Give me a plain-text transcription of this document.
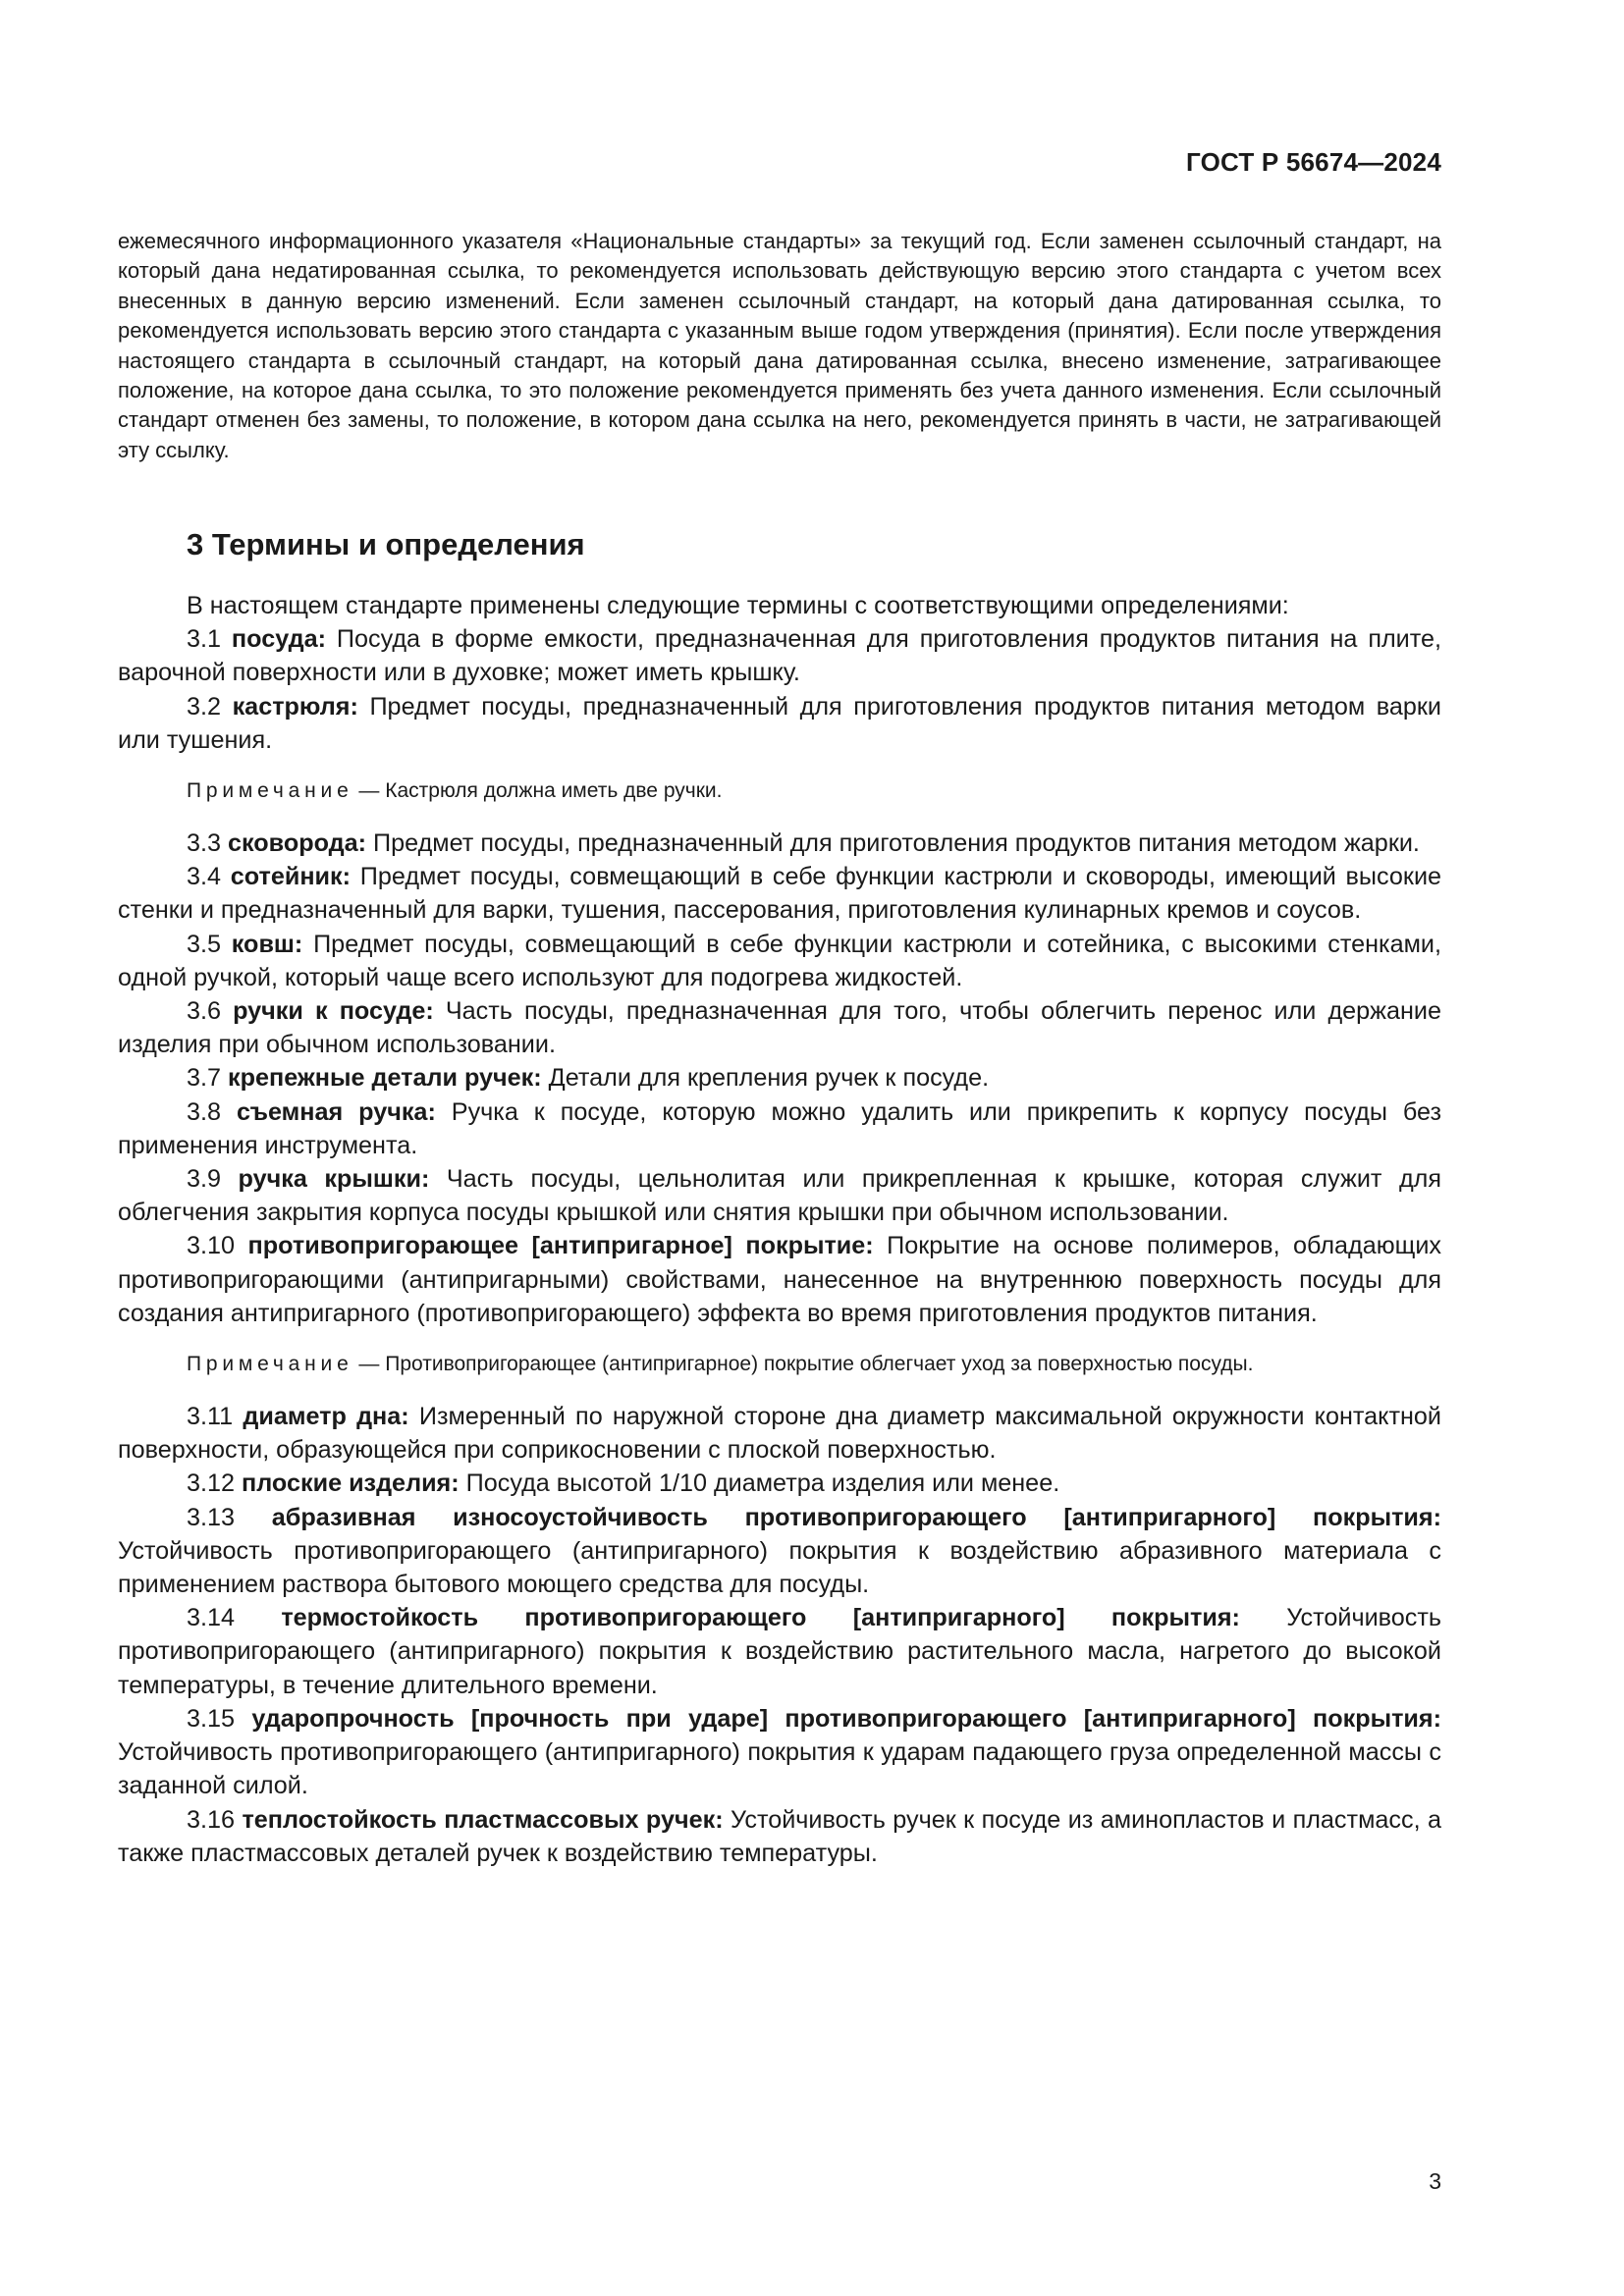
ГОСТ Р 56674—2024
ежемесячного информационного указателя «Национальные стандарты» за текущий год. Если заменен ссылочный стандарт, на который дана недатированная ссылка, то рекомендуется использовать действующую версию этого стандарта с учетом всех внесенных в данную версию изменений. Если заменен ссылочный стандарт, на который дана датированная ссылка, то рекомендуется использовать версию этого стандарта с указанным выше годом утверждения (принятия). Если после утверждения настоящего стандарта в ссылочный стандарт, на который дана датированная ссылка, внесено изменение, затрагивающее положение, на которое дана ссылка, то это положение рекомендуется применять без учета данного изменения. Если ссылочный стандарт отменен без замены, то положение, в котором дана ссылка на него, рекомендуется принять в части, не затрагивающей эту ссылку.
3 Термины и определения

В настоящем стандарте применены следующие термины с соответствующими определениями:

3.1 посуда: Посуда в форме емкости, предназначенная для приготовления продуктов питания на плите, варочной поверхности или в духовке; может иметь крышку.

3.2 кастрюля: Предмет посуды, предназначенный для приготовления продуктов питания методом варки или тушения.

Примечание — Кастрюля должна иметь две ручки.

3.3 сковорода: Предмет посуды, предназначенный для приготовления продуктов питания методом жарки.

3.4 сотейник: Предмет посуды, совмещающий в себе функции кастрюли и сковороды, имеющий высокие стенки и предназначенный для варки, тушения, пассерования, приготовления кулинарных кремов и соусов.

3.5 ковш: Предмет посуды, совмещающий в себе функции кастрюли и сотейника, с высокими стенками, одной ручкой, который чаще всего используют для подогрева жидкостей.

3.6 ручки к посуде: Часть посуды, предназначенная для того, чтобы облегчить перенос или держание изделия при обычном использовании.

3.7 крепежные детали ручек: Детали для крепления ручек к посуде.

3.8 съемная ручка: Ручка к посуде, которую можно удалить или прикрепить к корпусу посуды без применения инструмента.

3.9 ручка крышки: Часть посуды, цельнолитая или прикрепленная к крышке, которая служит для облегчения закрытия корпуса посуды крышкой или снятия крышки при обычном использовании.

3.10 противопригорающее [антипригарное] покрытие: Покрытие на основе полимеров, обладающих противопригорающими (антипригарными) свойствами, нанесенное на внутреннюю поверхность посуды для создания антипригарного (противопригорающего) эффекта во время приготовления продуктов питания.

Примечание — Противопригорающее (антипригарное) покрытие облегчает уход за поверхностью посуды.

3.11 диаметр дна: Измеренный по наружной стороне дна диаметр максимальной окружности контактной поверхности, образующейся при соприкосновении с плоской поверхностью.

3.12 плоские изделия: Посуда высотой 1/10 диаметра изделия или менее.

3.13 абразивная износоустойчивость противопригорающего [антипригарного] покрытия: Устойчивость противопригорающего (антипригарного) покрытия к воздействию абразивного материала с применением раствора бытового моющего средства для посуды.

3.14 термостойкость противопригорающего [антипригарного] покрытия: Устойчивость противопригорающего (антипригарного) покрытия к воздействию растительного масла, нагретого до высокой температуры, в течение длительного времени.

3.15 ударопрочность [прочность при ударе] противопригорающего [антипригарного] покрытия: Устойчивость противопригорающего (антипригарного) покрытия к ударам падающего груза определенной массы с заданной силой.

3.16 теплостойкость пластмассовых ручек: Устойчивость ручек к посуде из аминопластов и пластмасс, а также пластмассовых деталей ручек к воздействию температуры.

3
